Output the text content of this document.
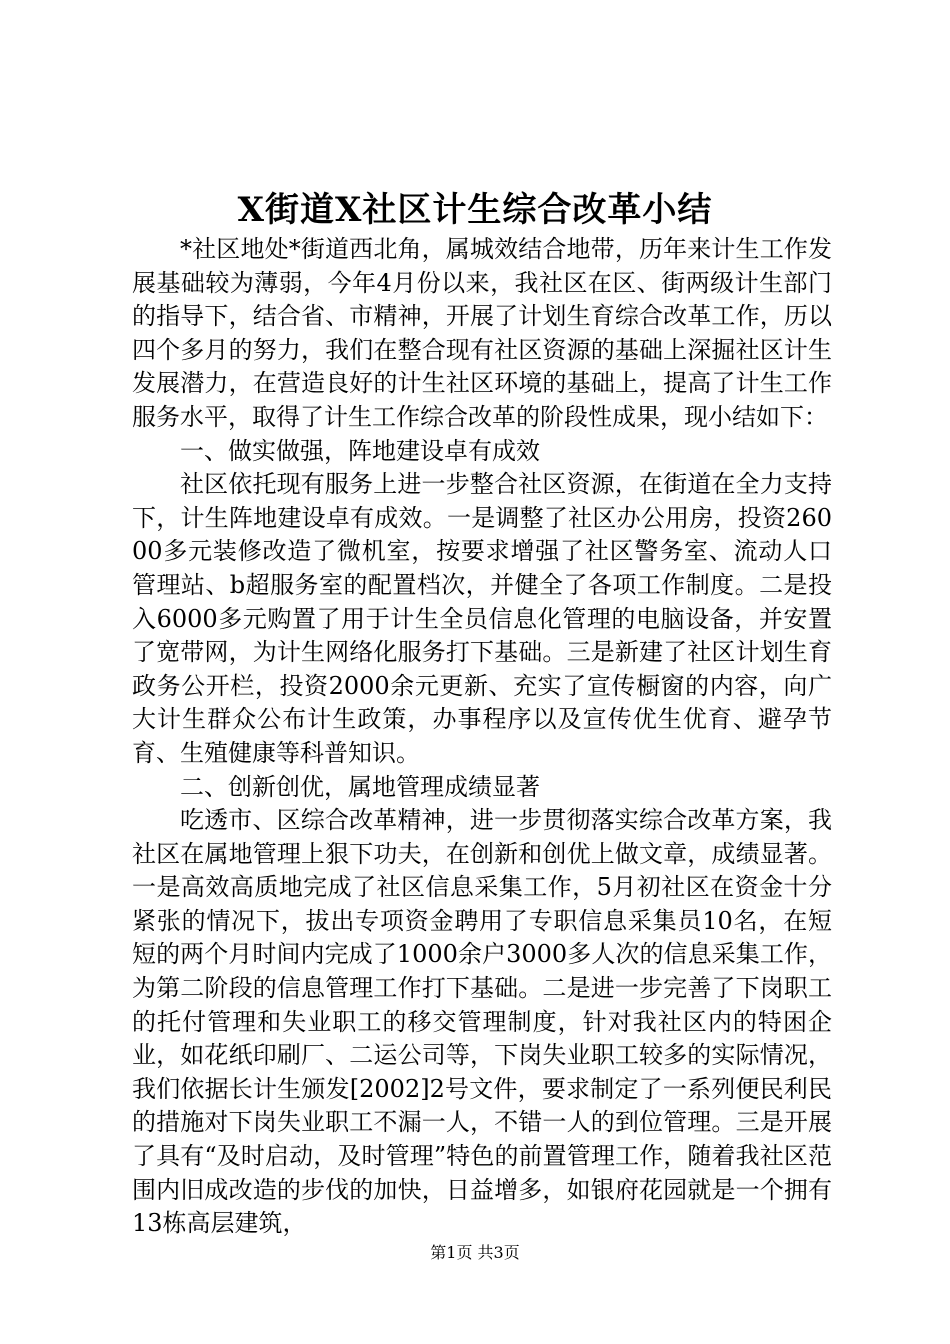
X街道X社区计生综合改革小结

*社区地处*街道西北角，属城效结合地带，历年来计生工作发展基础较为薄弱，今年4月份以来，我社区在区、街两级计生部门的指导下，结合省、市精神，开展了计划生育综合改革工作，历以四个多月的努力，我们在整合现有社区资源的基础上深掘社区计生发展潜力，在营造良好的计生社区环境的基础上，提高了计生工作服务水平，取得了计生工作综合改革的阶段性成果，现小结如下：

一、做实做强，阵地建设卓有成效

社区依托现有服务上进一步整合社区资源，在街道在全力支持下，计生阵地建设卓有成效。一是调整了社区办公用房，投资26000多元装修改造了微机室，按要求增强了社区警务室、流动人口管理站、b超服务室的配置档次，并健全了各项工作制度。二是投入6000多元购置了用于计生全员信息化管理的电脑设备，并安置了宽带网，为计生网络化服务打下基础。三是新建了社区计划生育政务公开栏，投资2000余元更新、充实了宣传橱窗的内容，向广大计生群众公布计生政策，办事程序以及宣传优生优育、避孕节育、生殖健康等科普知识。

二、创新创优，属地管理成绩显著

吃透市、区综合改革精神，进一步贯彻落实综合改革方案，我社区在属地管理上狠下功夫，在创新和创优上做文章，成绩显著。一是高效高质地完成了社区信息采集工作，5月初社区在资金十分紧张的情况下，拔出专项资金聘用了专职信息采集员10名，在短短的两个月时间内完成了1000余户3000多人次的信息采集工作，为第二阶段的信息管理工作打下基础。二是进一步完善了下岗职工的托付管理和失业职工的移交管理制度，针对我社区内的特困企业，如花纸印刷厂、二运公司等，下岗失业职工较多的实际情况，我们依据长计生颁发[2002]2号文件，要求制定了一系列便民利民的措施对下岗失业职工不漏一人，不错一人的到位管理。三是开展了具有“及时启动，及时管理”特色的前置管理工作，随着我社区范围内旧成改造的步伐的加快，日益增多，如银府花园就是一个拥有13栋高层建筑，

第1页 共3页
